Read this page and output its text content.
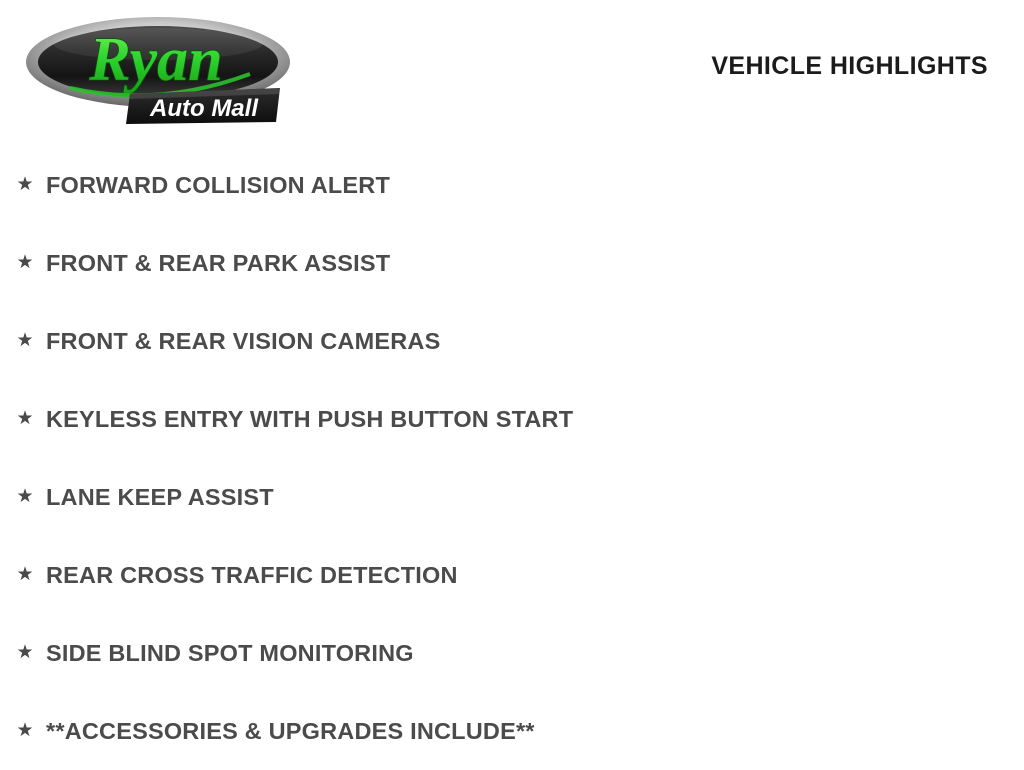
Ryan
Auto Mall
VEHICLE HIGHLIGHTS
★ FORWARD COLLISION ALERT
★ FRONT & REAR PARK ASSIST
★ FRONT & REAR VISION CAMERAS
★ KEYLESS ENTRY WITH PUSH BUTTON START
★ LANE KEEP ASSIST
★ REAR CROSS TRAFFIC DETECTION
★ SIDE BLIND SPOT MONITORING
★ **ACCESSORIES & UPGRADES INCLUDE**
